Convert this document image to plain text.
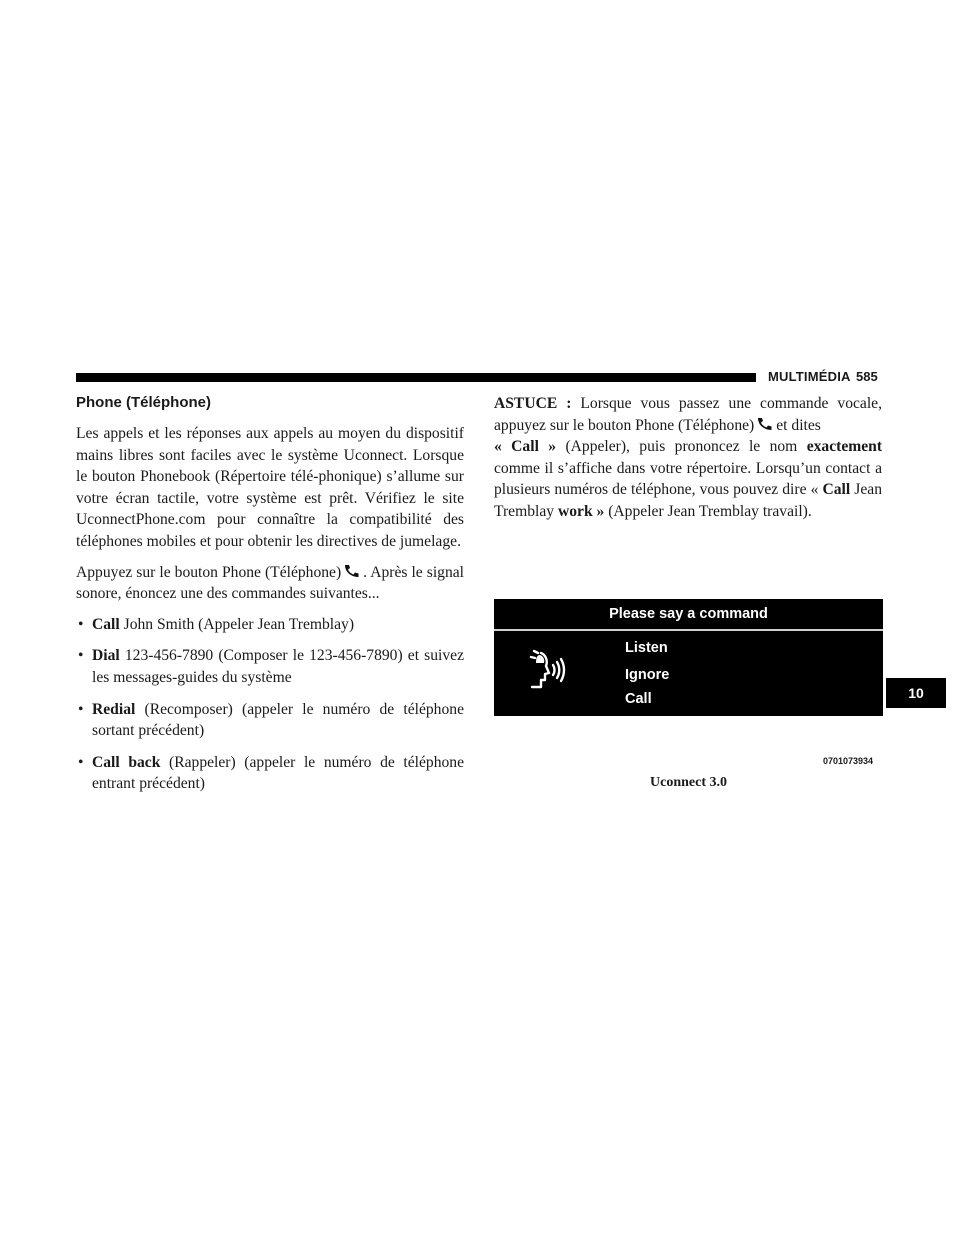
MULTIMÉDIA 585
Phone (Téléphone)

Les appels et les réponses aux appels au moyen du dispositif mains libres sont faciles avec le système Uconnect. Lorsque le bouton Phonebook (Répertoire télé-phonique) s’allume sur votre écran tactile, votre système est prêt. Vérifiez le site UconnectPhone.com pour connaître la compatibilité des téléphones mobiles et pour obtenir les directives de jumelage.

Appuyez sur le bouton Phone (Téléphone) . Après le signal sonore, énoncez une des commandes suivantes...

• Call John Smith (Appeler Jean Tremblay)
• Dial 123-456-7890 (Composer le 123-456-7890) et suivez les messages-guides du système
• Redial (Recomposer) (appeler le numéro de téléphone sortant précédent)
• Call back (Rappeler) (appeler le numéro de téléphone entrant précédent)

ASTUCE : Lorsque vous passez une commande vocale, appuyez sur le bouton Phone (Téléphone) et dites
« Call » (Appeler), puis prononcez le nom exactement comme il s’affiche dans votre répertoire. Lorsqu’un contact a plusieurs numéros de téléphone, vous pouvez dire « Call Jean Tremblay work » (Appeler Jean Tremblay travail).

Please say a command
Listen
Ignore
Call
0701073934
Uconnect 3.0
10
